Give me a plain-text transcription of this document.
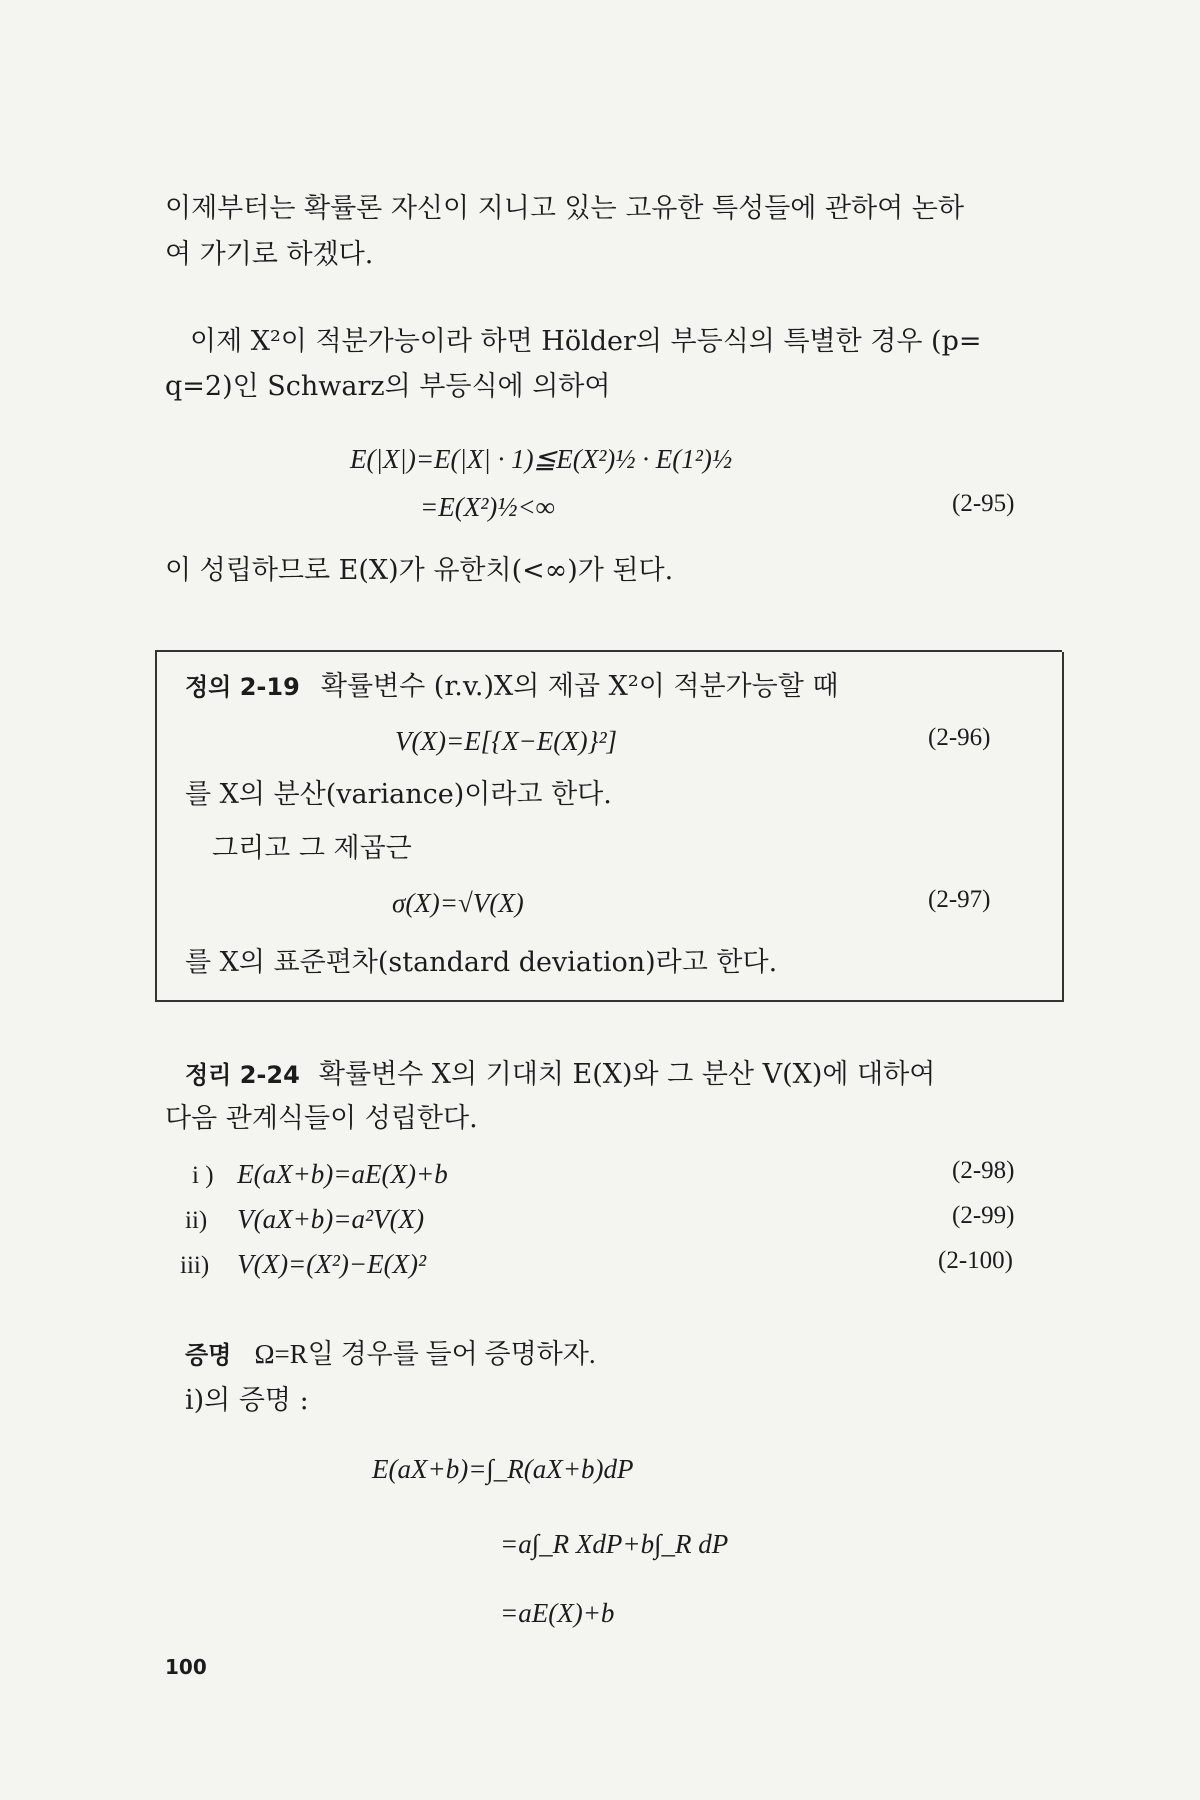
이제부터는 확률론 자신이 지니고 있는 고유한 특성들에 관하여 논하
여 가기로 하겠다.
이제 X²이 적분가능이라 하면 Hölder의 부등식의 특별한 경우 (p=
q=2)인 Schwarz의 부등식에 의하여
E(|X|)=E(|X| · 1)≦E(X²)½ · E(1²)½
=E(X²)½<∞	(2-95)
이 성립하므로 E(X)가 유한치(<∞)가 된다.
정의 2-19 확률변수 (r.v.)X의 제곱 X²이 적분가능할 때
V(X)=E[{X−E(X)}²]	(2-96)
를 X의 분산(variance)이라고 한다.
그리고 그 제곱근
σ(X)=√V(X)	(2-97)
를 X의 표준편차(standard deviation)라고 한다.
정리 2-24 확률변수 X의 기대치 E(X)와 그 분산 V(X)에 대하여
다음 관계식들이 성립한다.
i ) E(aX+b)=aE(X)+b	(2-98)
ii) V(aX+b)=a²V(X)	(2-99)
iii) V(X)=(X²)−E(X)²	(2-100)
증명 Ω=R일 경우를 들어 증명하자.
i)의 증명 :
E(aX+b)=∫_R(aX+b)dP
=a∫_R XdP+b∫_R dP
=aE(X)+b
100
